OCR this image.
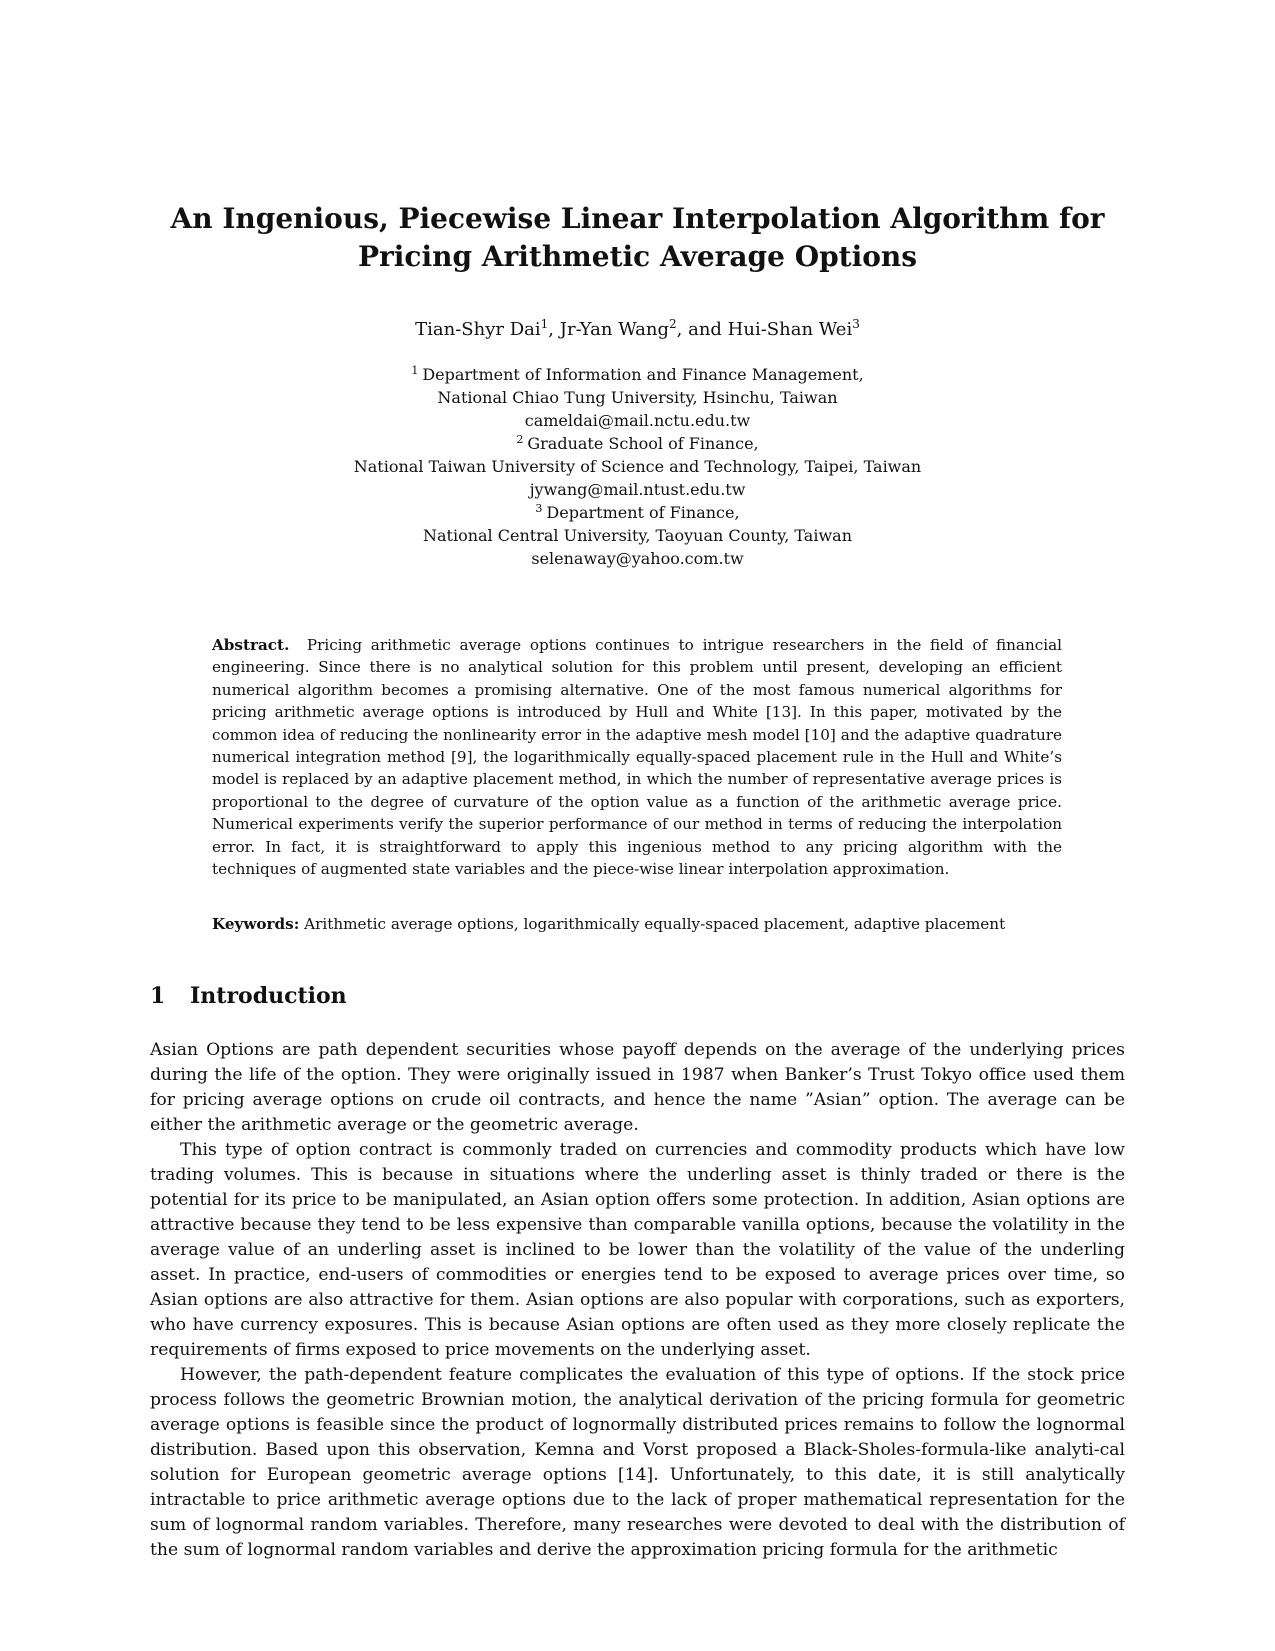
An Ingenious, Piecewise Linear Interpolation Algorithm for
Pricing Arithmetic Average Options
Tian-Shyr Dai$^1$, Jr-Yan Wang$^2$, and Hui-Shan Wei$^3$
$^1$ Department of Information and Finance Management,
National Chiao Tung University, Hsinchu, Taiwan
cameldai@mail.nctu.edu.tw
$^2$ Graduate School of Finance,
National Taiwan University of Science and Technology, Taipei, Taiwan
jywang@mail.ntust.edu.tw
$^3$ Department of Finance,
National Central University, Taoyuan County, Taiwan
selenaway@yahoo.com.tw

Abstract. Pricing arithmetic average options continues to intrigue researchers in the field of financial engineering. Since there is no analytical solution for this problem until present, developing an efficient numerical algorithm becomes a promising alternative. One of the most famous numerical algorithms for pricing arithmetic average options is introduced by Hull and White [13]. In this paper, motivated by the common idea of reducing the nonlinearity error in the adaptive mesh model [10] and the adaptive quadrature numerical integration method [9], the logarithmically equally-spaced placement rule in the Hull and White’s model is replaced by an adaptive placement method, in which the number of representative average prices is proportional to the degree of curvature of the option value as a function of the arithmetic average price. Numerical experiments verify the superior performance of our method in terms of reducing the interpolation error. In fact, it is straightforward to apply this ingenious method to any pricing algorithm with the techniques of augmented state variables and the piece-wise linear interpolation approximation.

Keywords: Arithmetic average options, logarithmically equally-spaced placement, adaptive placement
1 Introduction

Asian Options are path dependent securities whose payoff depends on the average of the underlying prices during the life of the option. They were originally issued in 1987 when Banker’s Trust Tokyo office used them for pricing average options on crude oil contracts, and hence the name ”Asian” option. The average can be either the arithmetic average or the geometric average.

This type of option contract is commonly traded on currencies and commodity products which have low trading volumes. This is because in situations where the underling asset is thinly traded or there is the potential for its price to be manipulated, an Asian option offers some protection. In addition, Asian options are attractive because they tend to be less expensive than comparable vanilla options, because the volatility in the average value of an underling asset is inclined to be lower than the volatility of the value of the underling asset. In practice, end-users of commodities or energies tend to be exposed to average prices over time, so Asian options are also attractive for them. Asian options are also popular with corporations, such as exporters, who have currency exposures. This is because Asian options are often used as they more closely replicate the requirements of firms exposed to price movements on the underlying asset.

However, the path-dependent feature complicates the evaluation of this type of options. If the stock price process follows the geometric Brownian motion, the analytical derivation of the pricing formula for geometric average options is feasible since the product of lognormally distributed prices remains to follow the lognormal distribution. Based upon this observation, Kemna and Vorst proposed a Black-Sholes-formula-like analyti-cal solution for European geometric average options [14]. Unfortunately, to this date, it is still analytically intractable to price arithmetic average options due to the lack of proper mathematical representation for the sum of lognormal random variables. Therefore, many researches were devoted to deal with the distribution of the sum of lognormal random variables and derive the approximation pricing formula for the arithmetic
